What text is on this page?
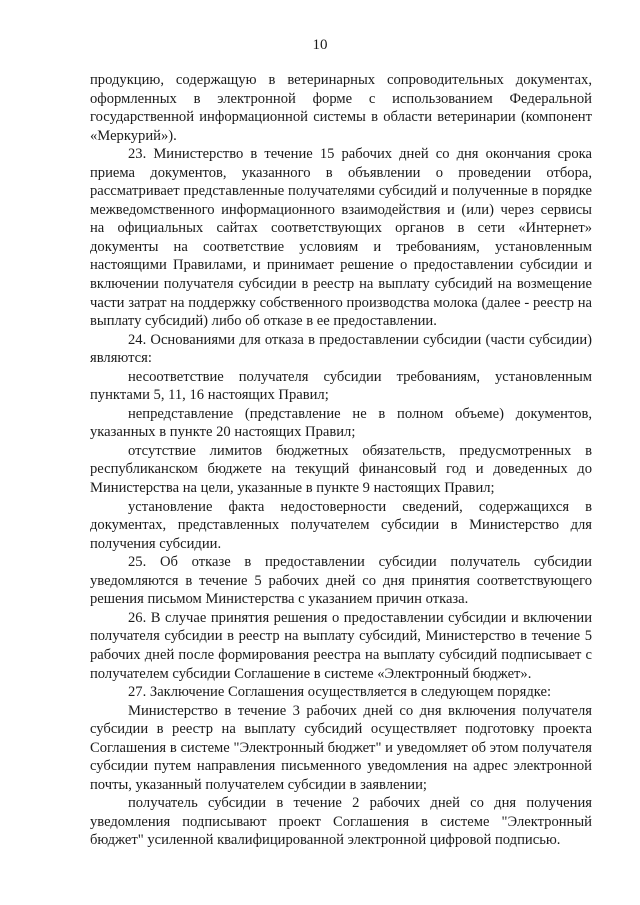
10

продукцию, содержащую в ветеринарных сопроводительных документах, оформленных в электронной форме с использованием Федеральной государственной информационной системы в области ветеринарии (компонент «Меркурий»).

23. Министерство в течение 15 рабочих дней со дня окончания срока приема документов, указанного в объявлении о проведении отбора, рассматривает представленные получателями субсидий и полученные в порядке межведомственного информационного взаимодействия и (или) через сервисы на официальных сайтах соответствующих органов в сети «Интернет» документы на соответствие условиям и требованиям, установленным настоящими Правилами, и принимает решение о предоставлении субсидии и включении получателя субсидии в реестр на выплату субсидий на возмещение части затрат на поддержку собственного производства молока (далее - реестр на выплату субсидий) либо об отказе в ее предоставлении.

24. Основаниями для отказа в предоставлении субсидии (части субсидии) являются:

несоответствие получателя субсидии требованиям, установленным пунктами 5, 11, 16 настоящих Правил;

непредставление (представление не в полном объеме) документов, указанных в пункте 20 настоящих Правил;

отсутствие лимитов бюджетных обязательств, предусмотренных в республиканском бюджете на текущий финансовый год и доведенных до Министерства на цели, указанные в пункте 9 настоящих Правил;

установление факта недостоверности сведений, содержащихся в документах, представленных получателем субсидии в Министерство для получения субсидии.

25. Об отказе в предоставлении субсидии получатель субсидии уведомляются в течение 5 рабочих дней со дня принятия соответствующего решения письмом Министерства с указанием причин отказа.

26. В случае принятия решения о предоставлении субсидии и включении получателя субсидии в реестр на выплату субсидий, Министерство в течение 5 рабочих дней после формирования реестра на выплату субсидий подписывает с получателем субсидии Соглашение в системе «Электронный бюджет».

27. Заключение Соглашения осуществляется в следующем порядке:

Министерство в течение 3 рабочих дней со дня включения получателя субсидии в реестр на выплату субсидий осуществляет подготовку проекта Соглашения в системе "Электронный бюджет" и уведомляет об этом получателя субсидии путем направления письменного уведомления на адрес электронной почты, указанный получателем субсидии в заявлении;

получатель субсидии в течение 2 рабочих дней со дня получения уведомления подписывают проект Соглашения в системе "Электронный бюджет" усиленной квалифицированной электронной цифровой подписью.
